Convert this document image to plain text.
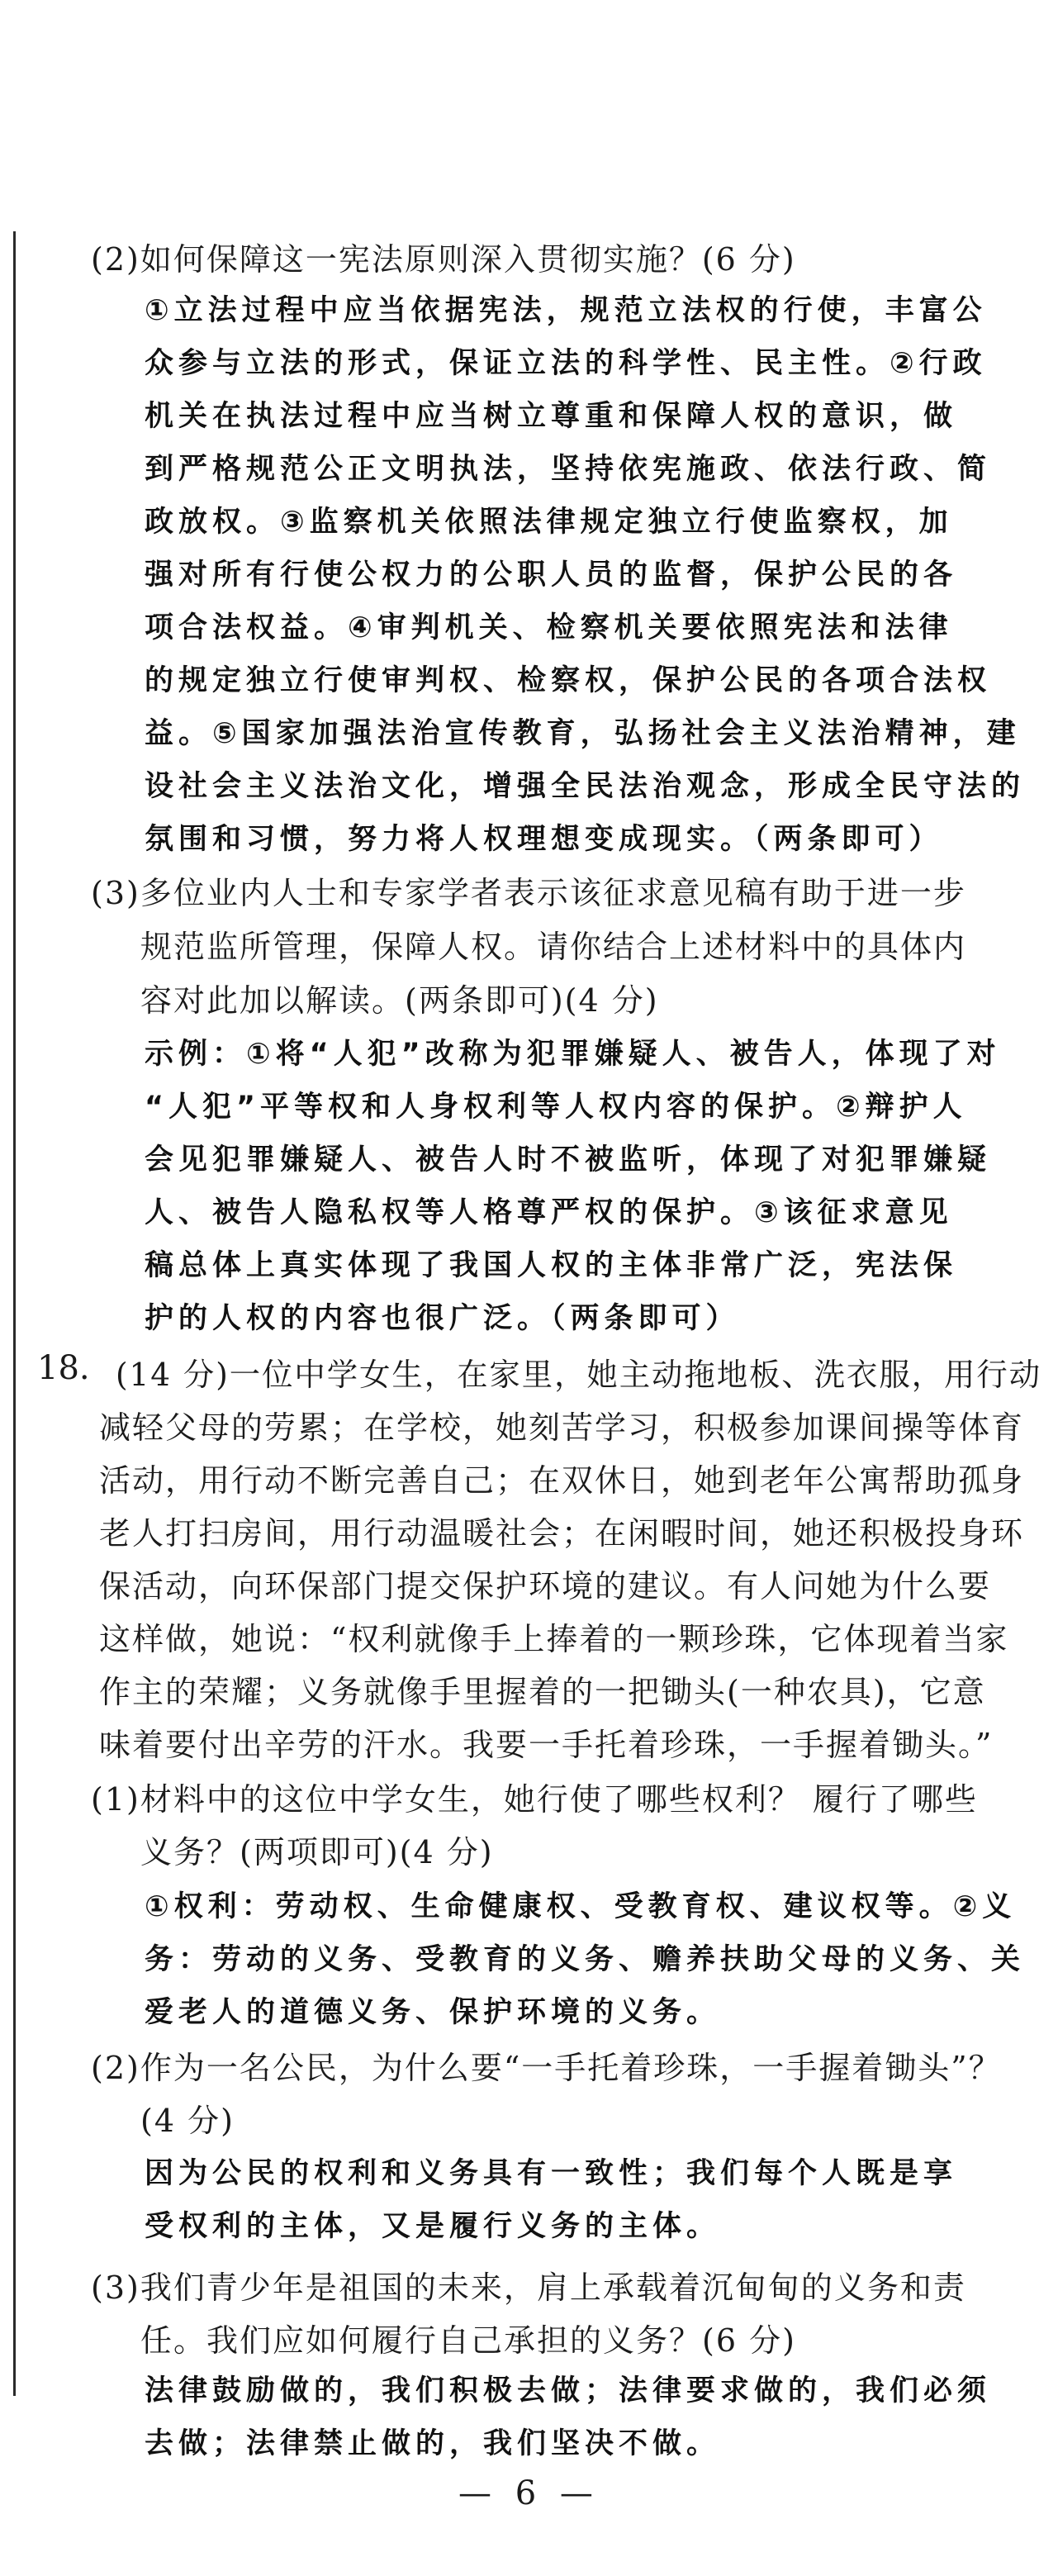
(2)如何保障这一宪法原则深入贯彻实施？(6 分)
①立法过程中应当依据宪法，规范立法权的行使，丰富公
众参与立法的形式，保证立法的科学性、民主性。②行政
机关在执法过程中应当树立尊重和保障人权的意识，做
到严格规范公正文明执法，坚持依宪施政、依法行政、简
政放权。③监察机关依照法律规定独立行使监察权，加
强对所有行使公权力的公职人员的监督，保护公民的各
项合法权益。④审判机关、检察机关要依照宪法和法律
的规定独立行使审判权、检察权，保护公民的各项合法权
益。⑤国家加强法治宣传教育，弘扬社会主义法治精神，建
设社会主义法治文化，增强全民法治观念，形成全民守法的
氛围和习惯，努力将人权理想变成现实。（两条即可）
(3)多位业内人士和专家学者表示该征求意见稿有助于进一步
规范监所管理，保障人权。请你结合上述材料中的具体内
容对此加以解读。(两条即可)(4 分)
示例：①将“人犯”改称为犯罪嫌疑人、被告人，体现了对
“人犯”平等权和人身权利等人权内容的保护。②辩护人
会见犯罪嫌疑人、被告人时不被监听，体现了对犯罪嫌疑
人、被告人隐私权等人格尊严权的保护。③该征求意见
稿总体上真实体现了我国人权的主体非常广泛，宪法保
护的人权的内容也很广泛。（两条即可）
18. (14 分)一位中学女生，在家里，她主动拖地板、洗衣服，用行动
减轻父母的劳累；在学校，她刻苦学习，积极参加课间操等体育
活动，用行动不断完善自己；在双休日，她到老年公寓帮助孤身
老人打扫房间，用行动温暖社会；在闲暇时间，她还积极投身环
保活动，向环保部门提交保护环境的建议。有人问她为什么要
这样做，她说：“权利就像手上捧着的一颗珍珠，它体现着当家
作主的荣耀；义务就像手里握着的一把锄头(一种农具)，它意
味着要付出辛劳的汗水。我要一手托着珍珠，一手握着锄头。”
(1)材料中的这位中学女生，她行使了哪些权利？ 履行了哪些
义务？(两项即可)(4 分)
①权利：劳动权、生命健康权、受教育权、建议权等。②义
务：劳动的义务、受教育的义务、赡养扶助父母的义务、关
爱老人的道德义务、保护环境的义务。
(2)作为一名公民，为什么要“一手托着珍珠，一手握着锄头”？
(4 分)
因为公民的权利和义务具有一致性；我们每个人既是享
受权利的主体，又是履行义务的主体。
(3)我们青少年是祖国的未来，肩上承载着沉甸甸的义务和责
任。我们应如何履行自己承担的义务？(6 分)
法律鼓励做的，我们积极去做；法律要求做的，我们必须
去做；法律禁止做的，我们坚决不做。
— 6 —
